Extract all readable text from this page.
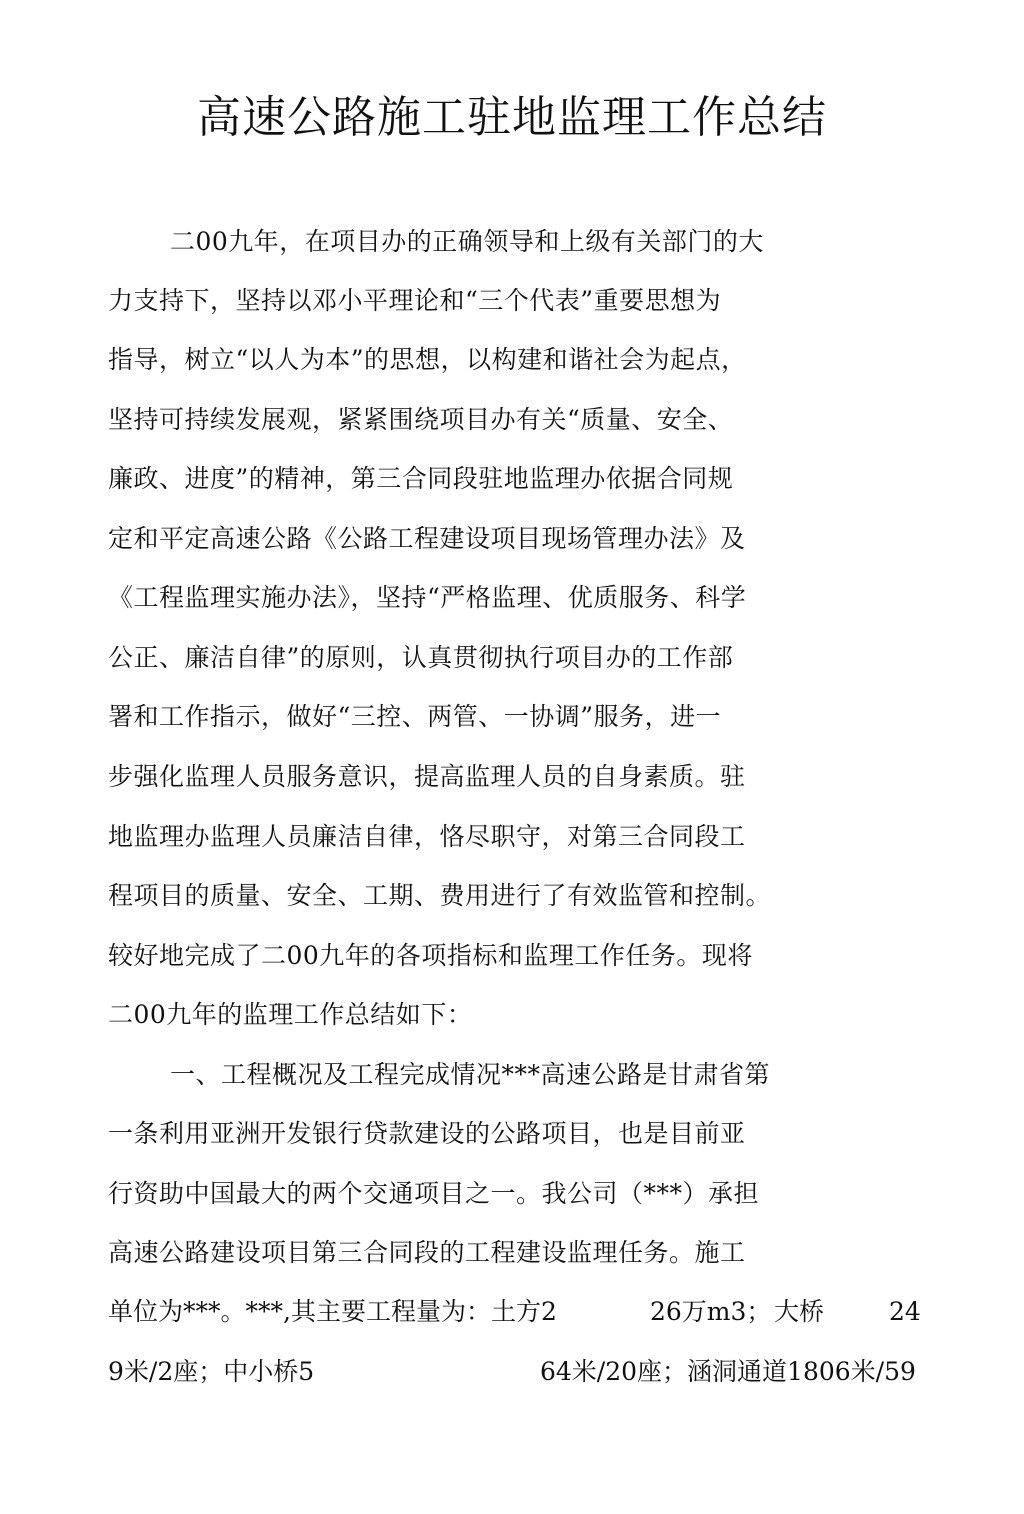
高速公路施工驻地监理工作总结
二00九年，在项目办的正确领导和上级有关部门的大
力支持下，坚持以邓小平理论和“三个代表”重要思想为
指导，树立“以人为本”的思想，以构建和谐社会为起点，
坚持可持续发展观，紧紧围绕项目办有关“质量、安全、
廉政、进度”的精神，第三合同段驻地监理办依据合同规
定和平定高速公路《公路工程建设项目现场管理办法》及
《工程监理实施办法》，坚持“严格监理、优质服务、科学
公正、廉洁自律”的原则，认真贯彻执行项目办的工作部
署和工作指示，做好“三控、两管、一协调”服务，进一
步强化监理人员服务意识，提高监理人员的自身素质。驻
地监理办监理人员廉洁自律，恪尽职守，对第三合同段工
程项目的质量、安全、工期、费用进行了有效监管和控制。
较好地完成了二00九年的各项指标和监理工作任务。现将
二00九年的监理工作总结如下：
一、工程概况及工程完成情况***高速公路是甘肃省第
一条利用亚洲开发银行贷款建设的公路项目，也是目前亚
行资助中国最大的两个交通项目之一。我公司（***）承担
高速公路建设项目第三合同段的工程建设监理任务。施工
单位为***。***,其主要工程量为：土方2	26万m3； 大桥	24
9米/2座；中小桥5	64米/20座；涵洞通道1806米/59
